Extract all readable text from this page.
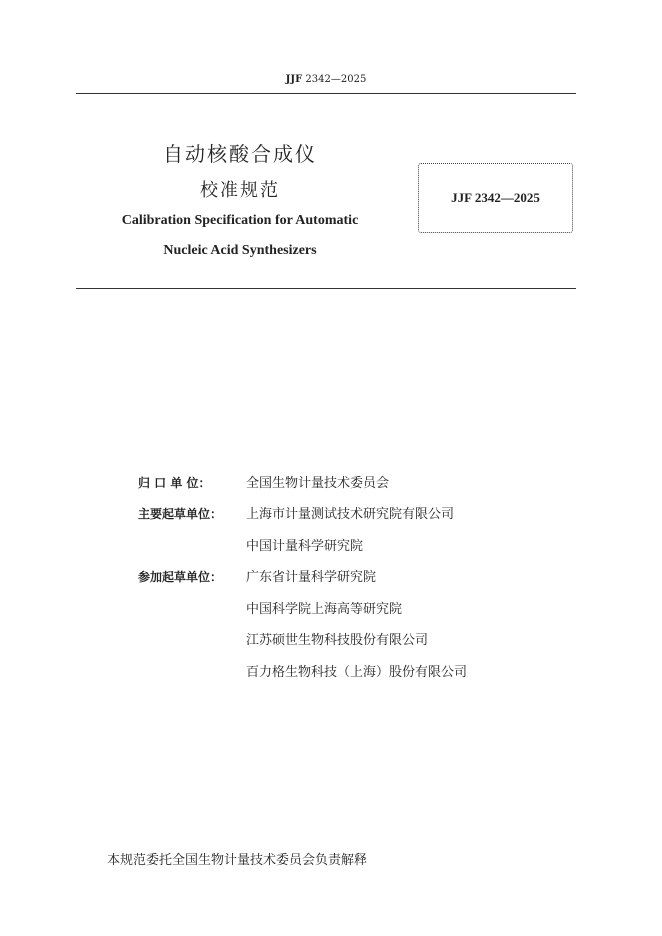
JJF 2342—2025
自动核酸合成仪
校准规范
Calibration Specification for Automatic
Nucleic Acid Synthesizers
JJF 2342—2025
归 口 单 位：	全国生物计量技术委员会
主要起草单位： 上海市计量测试技术研究院有限公司
中国计量科学研究院
参加起草单位： 广东省计量科学研究院
中国科学院上海高等研究院
江苏硕世生物科技股份有限公司
百力格生物科技（上海）股份有限公司
本规范委托全国生物计量技术委员会负责解释
